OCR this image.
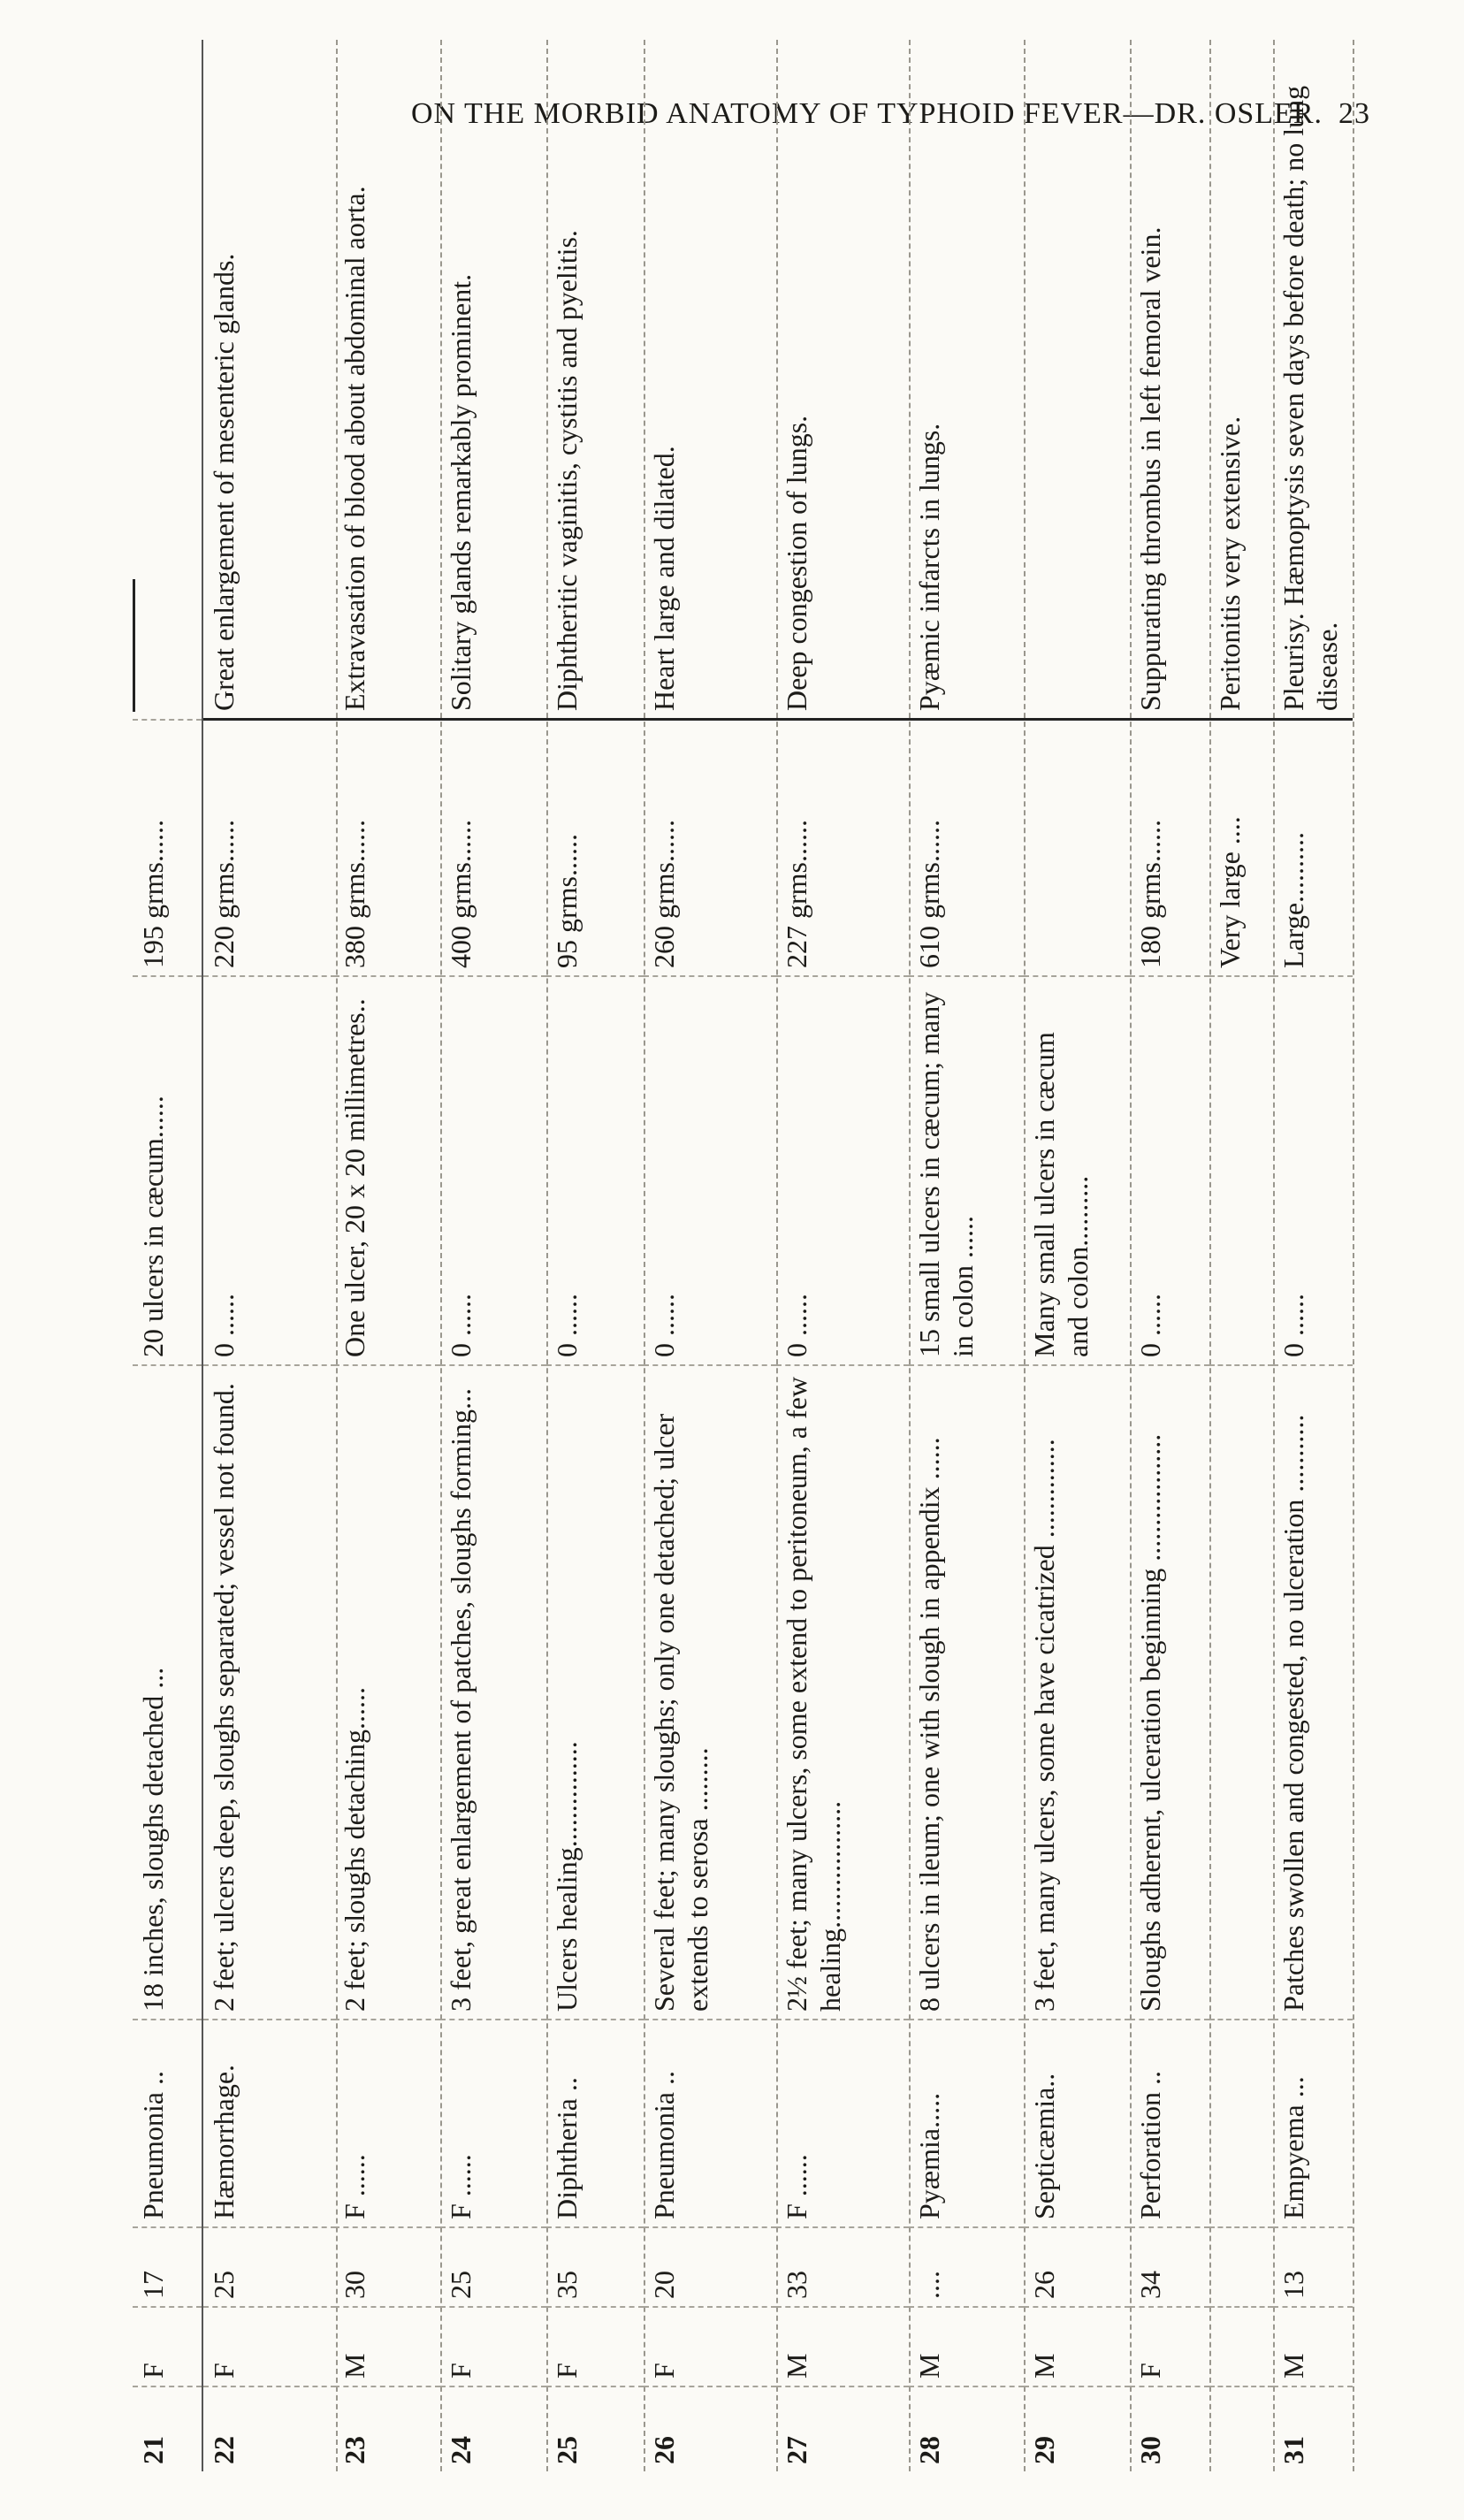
ON THE MORBID ANATOMY OF TYPHOID FEVER—DR. OSLER. 23
21
F
17
Pneumonia ..
18 inches, sloughs detached ...
20 ulcers in cæcum......
195 grms......
22
F
25
Hæmorrhage.
2 feet; ulcers deep, sloughs separated; vessel not found.
0 ......
220 grms......
Great enlargement of mesenteric glands.
23
M
30
F ......
2 feet; sloughs detaching......
One ulcer, 20 x 20 millimetres..
380 grms......
Extravasation of blood about abdominal aorta.
24
F
25
F ......
3 feet, great enlargement of patches, sloughs forming...
0 ......
400 grms......
Solitary glands remarkably prominent.
25
F
35
Diphtheria ..
Ulcers healing...............
0 ......
95 grms......
Diphtheritic vaginitis, cystitis and pyelitis.
26
F
20
Pneumonia ..
Several feet; many sloughs; only one detached; ulcer extends to serosa .........
0 ......
260 grms......
Heart large and dilated.
27
M
33
F ......
2½ feet; many ulcers, some extend to peritoneum, a few healing..................
0 ......
227 grms......
Deep congestion of lungs.
28
M
....
Pyæmia.....
8 ulcers in ileum; one with slough in appendix ......
15 small ulcers in cæcum; many in colon ......
610 grms......
Pyæmic infarcts in lungs.
29
M
26
Septicæmia..
3 feet, many ulcers, some have cicatrized ..............
Many small ulcers in cæcum and colon..........
30
F
34
Perforation ..
Sloughs adherent, ulceration beginning ..................
0 ......
180 grms......
Suppurating thrombus in left femoral vein.
Very large ....
Peritonitis very extensive.
31
M
13
Empyema ...
Patches swollen and congested, no ulceration ...........
0 ......
Large..........
Pleurisy. Hæmoptysis seven days before death; no lung disease.
